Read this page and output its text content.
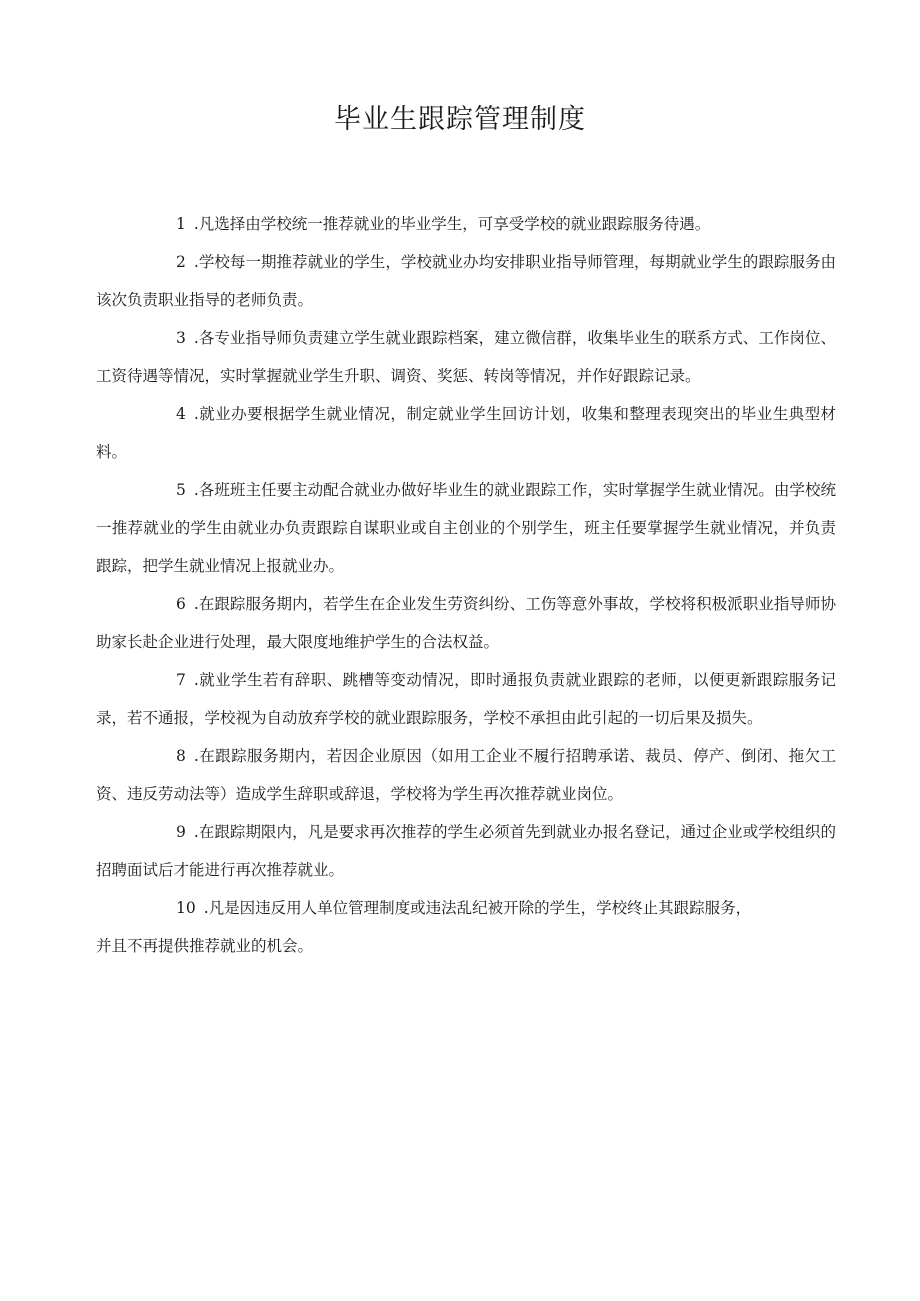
毕业生跟踪管理制度

1 .凡选择由学校统一推荐就业的毕业学生，可享受学校的就业跟踪服务待遇。

2 .学校每一期推荐就业的学生，学校就业办均安排职业指导师管理，每期就业学生的跟踪服务由该次负责职业指导的老师负责。

3 .各专业指导师负责建立学生就业跟踪档案，建立微信群，收集毕业生的联系方式、工作岗位、工资待遇等情况，实时掌握就业学生升职、调资、奖惩、转岗等情况，并作好跟踪记录。

4 .就业办要根据学生就业情况，制定就业学生回访计划，收集和整理表现突出的毕业生典型材料。

5 .各班班主任要主动配合就业办做好毕业生的就业跟踪工作，实时掌握学生就业情况。由学校统一推荐就业的学生由就业办负责跟踪自谋职业或自主创业的个别学生，班主任要掌握学生就业情况，并负责跟踪，把学生就业情况上报就业办。

6 .在跟踪服务期内，若学生在企业发生劳资纠纷、工伤等意外事故，学校将积极派职业指导师协助家长赴企业进行处理，最大限度地维护学生的合法权益。

7 .就业学生若有辞职、跳槽等变动情况，即时通报负责就业跟踪的老师，以便更新跟踪服务记录，若不通报，学校视为自动放弃学校的就业跟踪服务，学校不承担由此引起的一切后果及损失。

8 .在跟踪服务期内，若因企业原因（如用工企业不履行招聘承诺、裁员、停产、倒闭、拖欠工资、违反劳动法等）造成学生辞职或辞退，学校将为学生再次推荐就业岗位。

9 .在跟踪期限内，凡是要求再次推荐的学生必须首先到就业办报名登记，通过企业或学校组织的招聘面试后才能进行再次推荐就业。

10 .凡是因违反用人单位管理制度或违法乱纪被开除的学生，学校终止其跟踪服务，

并且不再提供推荐就业的机会。
